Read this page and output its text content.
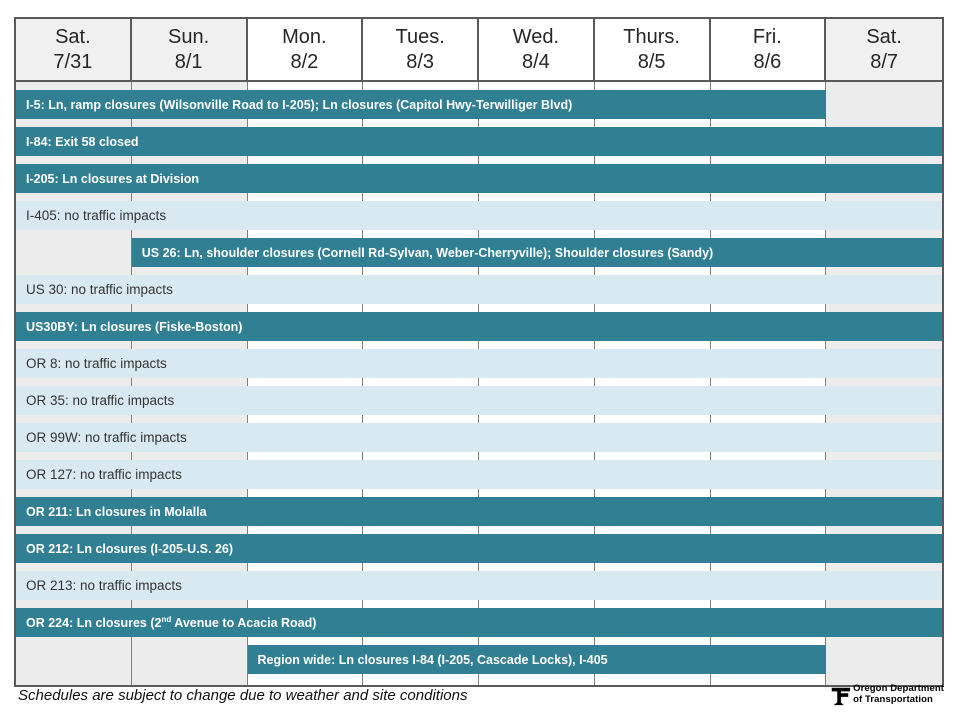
Sat.
7/31
Sun.
8/1
Mon.
8/2
Tues.
8/3
Wed.
8/4
Thurs.
8/5
Fri.
8/6
Sat.
8/7
I-5: Ln, ramp closures (Wilsonville Road to I-205); Ln closures (Capitol Hwy-Terwilliger Blvd)
I-84: Exit 58 closed
I-205: Ln closures at Division
I-405: no traffic impacts
US 26: Ln, shoulder closures (Cornell Rd-Sylvan, Weber-Cherryville); Shoulder closures (Sandy)
US 30: no traffic impacts
US30BY: Ln closures (Fiske-Boston)
OR 8: no traffic impacts
OR 35: no traffic impacts
OR 99W: no traffic impacts
OR 127: no traffic impacts
OR 211: Ln closures in Molalla
OR 212: Ln closures (I-205-U.S. 26)
OR 213: no traffic impacts
OR 224: Ln closures (2nd Avenue to Acacia Road)
Region wide: Ln closures I-84 (I-205, Cascade Locks), I-405
Schedules are subject to change due to weather and site conditions	Oregon Department
of Transportation
